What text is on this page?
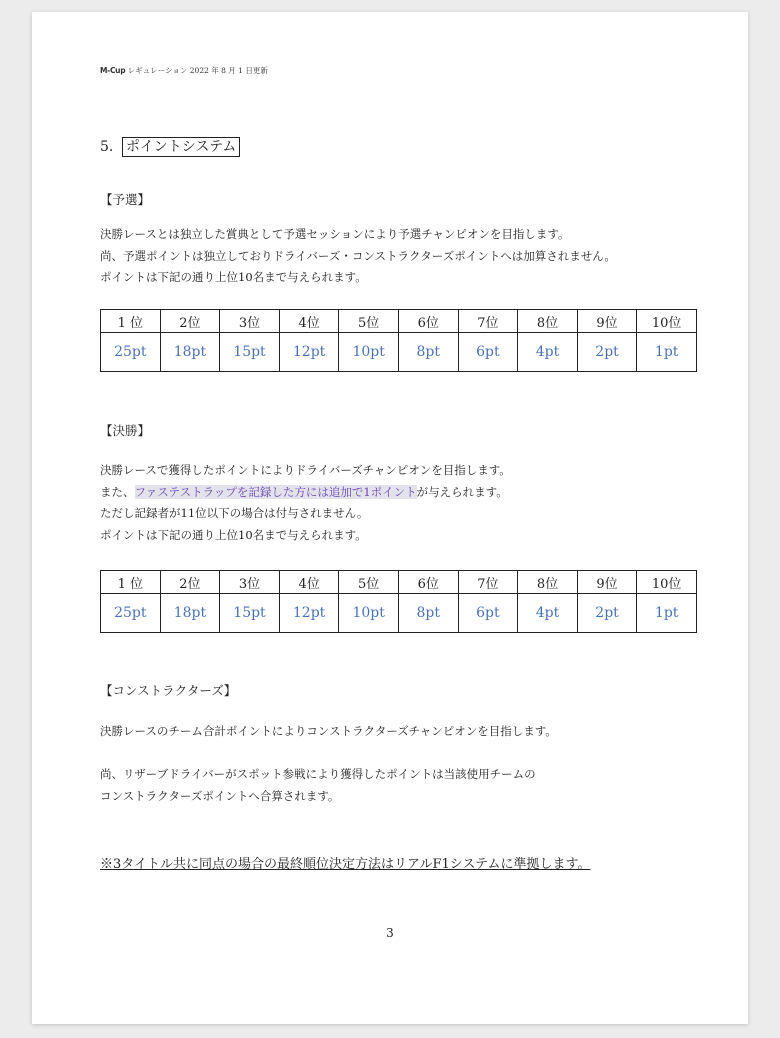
M-Cup レギュレーション 2022 年 8 月 1 日更新
5. ポイントシステム
【予選】
決勝レースとは独立した賞典として予選セッションにより予選チャンピオンを目指します。
尚、予選ポイントは独立しておりドライバーズ・コンストラクターズポイントへは加算されません。
ポイントは下記の通り上位10名まで与えられます。
1 位	2位	3位	4位	5位	6位	7位	8位	9位	10位
25pt	18pt	15pt	12pt	10pt	8pt	6pt	4pt	2pt	1pt
【決勝】
決勝レースで獲得したポイントによりドライバーズチャンピオンを目指します。
また、ファステストラップを記録した方には追加で1ポイントが与えられます。
ただし記録者が11位以下の場合は付与されません。
ポイントは下記の通り上位10名まで与えられます。
1 位	2位	3位	4位	5位	6位	7位	8位	9位	10位
25pt	18pt	15pt	12pt	10pt	8pt	6pt	4pt	2pt	1pt
【コンストラクターズ】
決勝レースのチーム合計ポイントによりコンストラクターズチャンピオンを目指します。
尚、リザーブドライバーがスポット参戦により獲得したポイントは当該使用チームの
コンストラクターズポイントへ合算されます。
※3タイトル共に同点の場合の最終順位決定方法はリアルF1システムに準拠します。
3
